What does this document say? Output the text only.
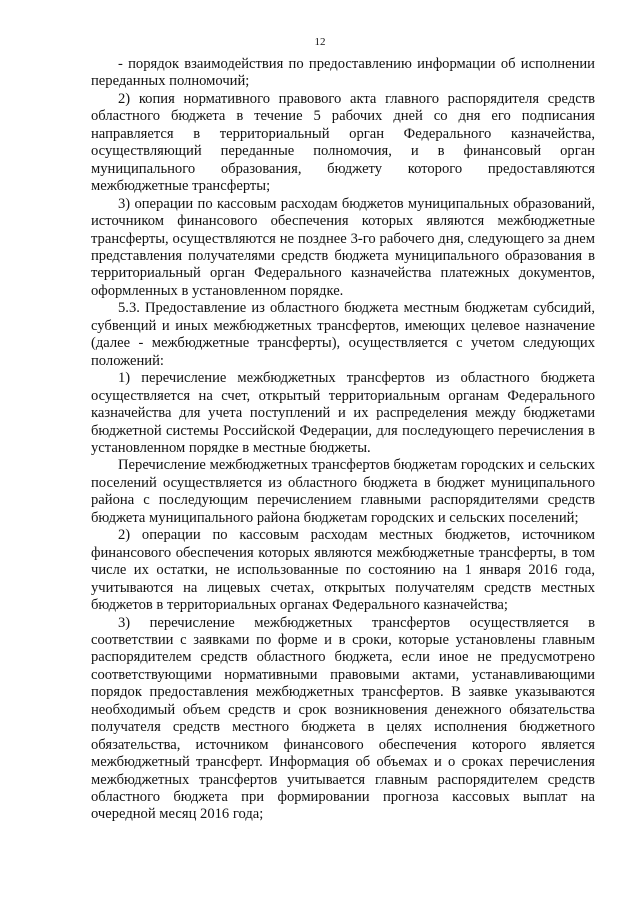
12

- порядок взаимодействия по предоставлению информации об исполнении переданных полномочий;

2) копия нормативного правового акта главного распорядителя средств областного бюджета в течение 5 рабочих дней со дня его подписания направляется в территориальный орган Федерального казначейства, осуществляющий переданные полномочия, и в финансовый орган муниципального образования, бюджету которого предоставляются межбюджетные трансферты;

3) операции по кассовым расходам бюджетов муниципальных образований, источником финансового обеспечения которых являются межбюджетные трансферты, осуществляются не позднее 3-го рабочего дня, следующего за днем представления получателями средств бюджета муниципального образования в территориальный орган Федерального казначейства платежных документов, оформленных в установленном порядке.

5.3. Предоставление из областного бюджета местным бюджетам субсидий, субвенций и иных межбюджетных трансфертов, имеющих целевое назначение (далее - межбюджетные трансферты), осуществляется с учетом следующих положений:

1) перечисление межбюджетных трансфертов из областного бюджета осуществляется на счет, открытый территориальным органам Федерального казначейства для учета поступлений и их распределения между бюджетами бюджетной системы Российской Федерации, для последующего перечисления в установленном порядке в местные бюджеты.

Перечисление межбюджетных трансфертов бюджетам городских и сельских поселений осуществляется из областного бюджета в бюджет муниципального района с последующим перечислением главными распорядителями средств бюджета муниципального района бюджетам городских и сельских поселений;

2) операции по кассовым расходам местных бюджетов, источником финансового обеспечения которых являются межбюджетные трансферты, в том числе их остатки, не использованные по состоянию на 1 января 2016 года, учитываются на лицевых счетах, открытых получателям средств местных бюджетов в территориальных органах Федерального казначейства;

3) перечисление межбюджетных трансфертов осуществляется в соответствии с заявками по форме и в сроки, которые установлены главным распорядителем средств областного бюджета, если иное не предусмотрено соответствующими нормативными правовыми актами, устанавливающими порядок предоставления межбюджетных трансфертов. В заявке указываются необходимый объем средств и срок возникновения денежного обязательства получателя средств местного бюджета в целях исполнения бюджетного обязательства, источником финансового обеспечения которого является межбюджетный трансферт. Информация об объемах и о сроках перечисления межбюджетных трансфертов учитывается главным распорядителем средств областного бюджета при формировании прогноза кассовых выплат на очередной месяц 2016 года;
